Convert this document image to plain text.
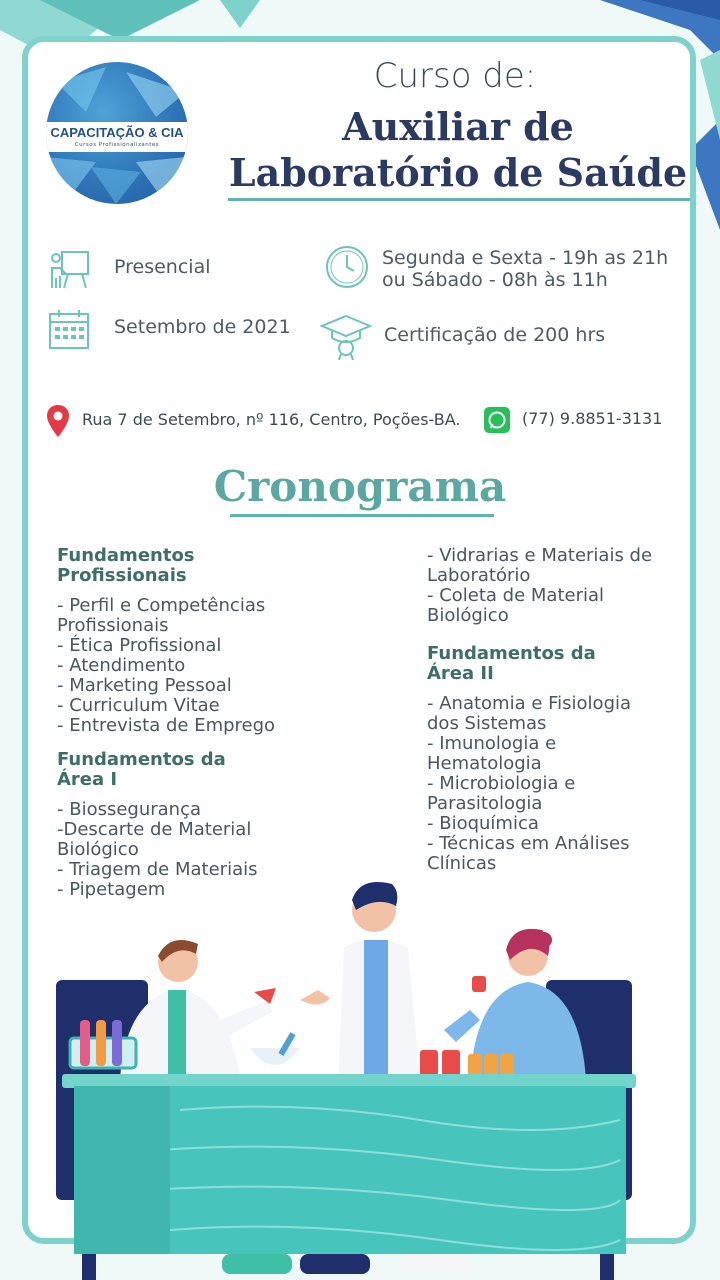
CAPACITAÇÃO & CIA
Cursos Profissionalizantes
Curso de:
Auxiliar de
Laboratório de Saúde
Presencial	Segunda e Sexta - 19h as 21h
ou Sábado - 08h às 11h
Setembro de 2021	Certificação de 200 hrs
Rua 7 de Setembro, nº 116, Centro, Poções-BA.	(77) 9.8851-3131
Cronograma
Fundamentos
Profissionais
- Perfil e Competências
Profissionais
- Ética Profissional
- Atendimento
- Marketing Pessoal
- Curriculum Vitae
- Entrevista de Emprego
Fundamentos da
Área I
- Biossegurança
-Descarte de Material
Biológico
- Triagem de Materiais
- Pipetagem
- Vidrarias e Materiais de
Laboratório
- Coleta de Material
Biológico
Fundamentos da
Área II
- Anatomia e Fisiologia
dos Sistemas
- Imunologia e
Hematologia
- Microbiologia e
Parasitologia
- Bioquímica
- Técnicas em Análises
Clínicas
